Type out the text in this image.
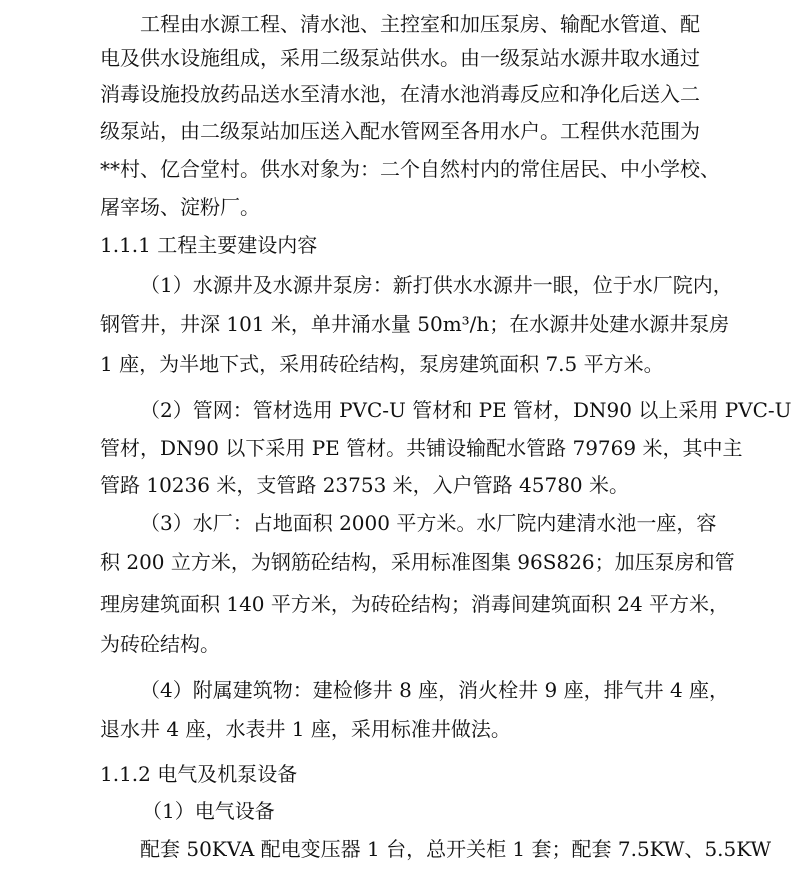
工程由水源工程、清水池、主控室和加压泵房、输配水管道、配
电及供水设施组成，采用二级泵站供水。由一级泵站水源井取水通过
消毒设施投放药品送水至清水池，在清水池消毒反应和净化后送入二
级泵站，由二级泵站加压送入配水管网至各用水户。工程供水范围为
**村、亿合堂村。供水对象为：二个自然村内的常住居民、中小学校、
屠宰场、淀粉厂。
1.1.1 工程主要建设内容
（1）水源井及水源井泵房：新打供水水源井一眼，位于水厂院内，
钢管井，井深 101 米，单井涌水量 50m³/h；在水源井处建水源井泵房
1 座，为半地下式，采用砖砼结构，泵房建筑面积 7.5 平方米。
（2）管网：管材选用 PVC-U 管材和 PE 管材，DN90 以上采用 PVC-U
管材，DN90 以下采用 PE 管材。共铺设输配水管路 79769 米，其中主
管路 10236 米，支管路 23753 米，入户管路 45780 米。
（3）水厂：占地面积 2000 平方米。水厂院内建清水池一座，容
积 200 立方米，为钢筋砼结构，采用标准图集 96S826；加压泵房和管
理房建筑面积 140 平方米，为砖砼结构；消毒间建筑面积 24 平方米，
为砖砼结构。
（4）附属建筑物：建检修井 8 座，消火栓井 9 座，排气井 4 座，
退水井 4 座，水表井 1 座，采用标准井做法。
1.1.2 电气及机泵设备
（1）电气设备
配套 50KVA 配电变压器 1 台，总开关柜 1 套；配套 7.5KW、5.5KW
